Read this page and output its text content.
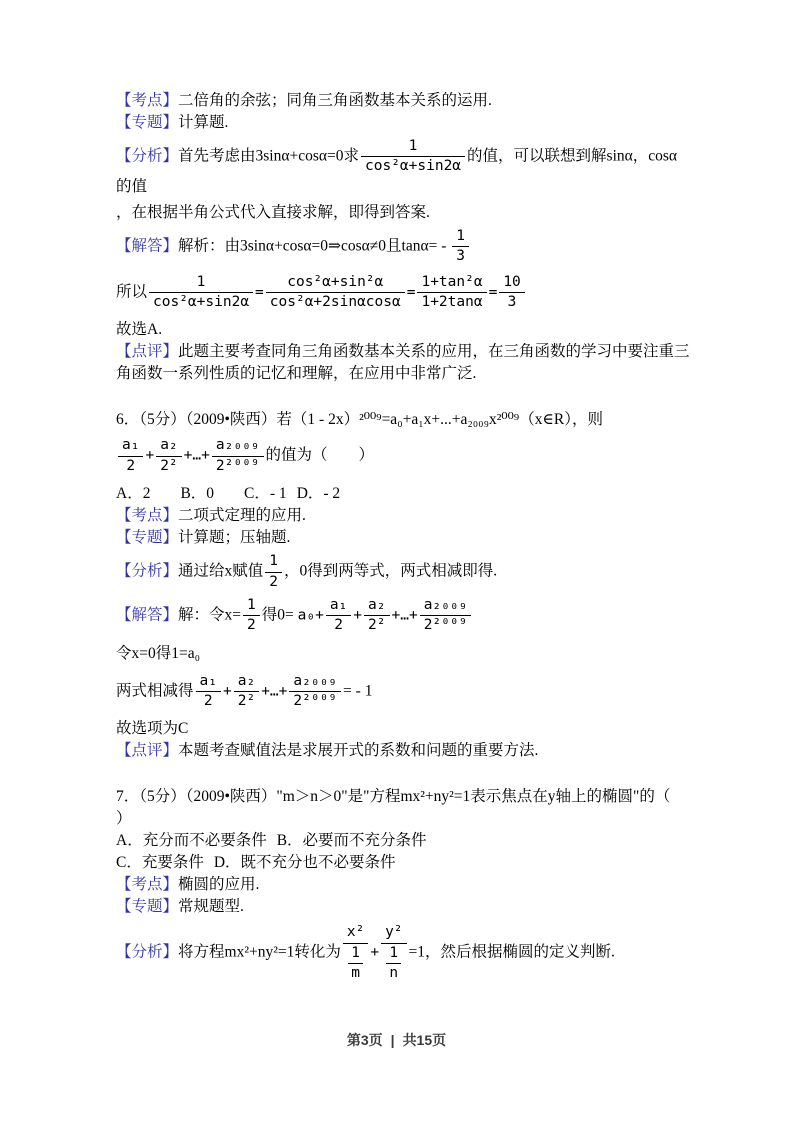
【考点】二倍角的余弦；同角三角函数基本关系的运用.
【专题】计算题.
【分析】首先考虑由3sinα+cosα=0求 $\frac{1}{\text{cos²α+sin2α}}$ 的值，可以联想到解sinα，cosα的值
，在根据半角公式代入直接求解，即得到答案.
【解答】解析：由3sinα+cosα=0⇒cosα≠0且$\tan\alpha= - \frac{1}{3}$
所以 $\frac{1}{\text{cos²α+sin2α}} = \frac{\text{cos²α+sin²α}}{\text{cos²α+2sinαcosα}} = \frac{\text{1+tan²α}}{1+2\tan\alpha} = \frac{10}{3}$
故选A.
【点评】此题主要考查同角三角函数基本关系的应用，在三角函数的学习中要注重三角函数一系列性质的记忆和理解，在应用中非常广泛.
6．（5分）（2009•陕西）若（1 - 2x）²⁰⁰⁹=a₀+a₁x+...+a₂₀₀₉x²⁰⁰⁹（x∈R），则
$\frac{\text{a₁}}{2} + \frac{\text{a₂}}{\text{2²}}$ +…+ $\frac{\text{a₂₀₀₉}}{\text{2²⁰⁰⁹}}$ 的值为（　　）
A．2 B．0 C．- 1 D．- 2
【考点】二项式定理的应用.
【专题】计算题；压轴题.
【分析】通过给x赋值 $\frac{1}{2}$ ，0得到两等式，两式相减即得.
【解答】解：令$x= \frac{1}{2}$ 得$0= a_0+ \frac{\text{a₁}}{2} + \frac{\text{a₂}}{\text{2²}}$ +…+ $\frac{\text{a₂₀₀₉}}{\text{2²⁰⁰⁹}}$
令x=0得1=a₀
两式相减得 $\frac{\text{a₁}}{2} + \frac{\text{a₂}}{\text{2²}}$ +…+ $\frac{\text{a₂₀₀₉}}{\text{2²⁰⁰⁹}}$ = - 1
故选项为C
【点评】本题考查赋值法是求展开式的系数和问题的重要方法.
7．（5分）（2009•陕西）"m＞n＞0"是"方程mx²+ny²=1表示焦点在y轴上的椭圆"的（
）
A．充分而不必要条件 B．必要而不充分条件
C．充要条件 D．既不充分也不必要条件
【考点】椭圆的应用.
【专题】常规题型.
【分析】将方程mx²+ny²=1转化为 $\frac{\text{x²}}{\frac{1}{m}} + \frac{\text{y²}}{\frac{1}{n}} =1$，然后根据椭圆的定义判断.
第3页 | 共15页
